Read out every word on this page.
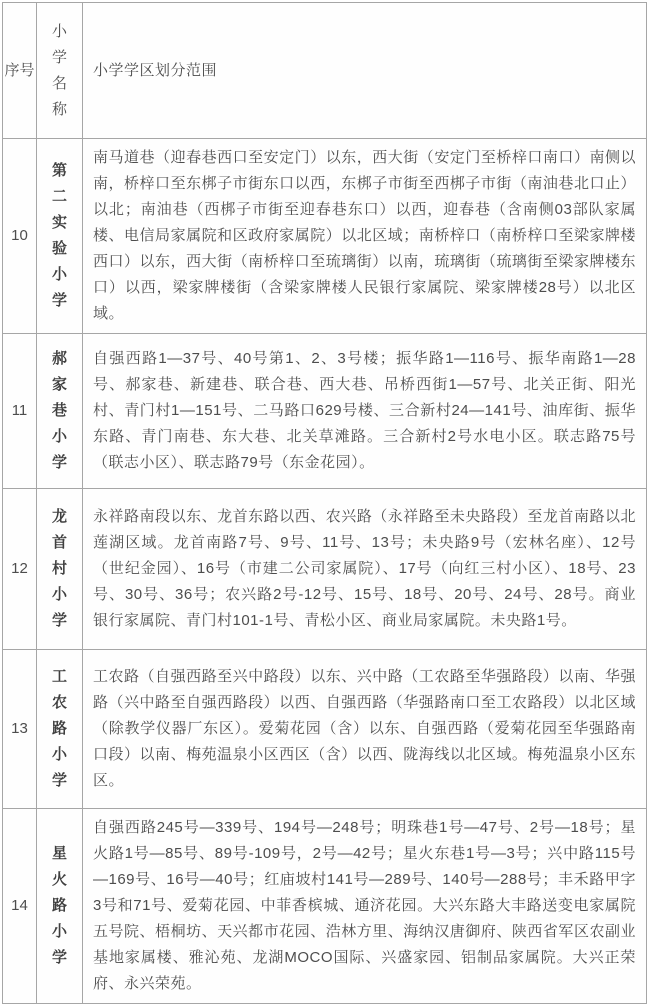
序号	小学名称	小学学区划分范围
10	第二实验小学	南马道巷（迎春巷西口至安定门）以东，西大街（安定门至桥梓口南口）南侧以南，桥梓口至东梆子市街东口以西，东梆子市街至西梆子市街（南油巷北口止）以北；南油巷（西梆子市街至迎春巷东口）以西，迎春巷（含南侧03部队家属楼、电信局家属院和区政府家属院）以北区域；南桥梓口（南桥梓口至梁家牌楼西口）以东，西大街（南桥梓口至琉璃街）以南，琉璃街（琉璃街至梁家牌楼东口）以西，梁家牌楼街（含梁家牌楼人民银行家属院、梁家牌楼28号）以北区域。
11	郝家巷小学	自强西路1—37号、40号第1、2、3号楼；振华路1—116号、振华南路1—28号、郝家巷、新建巷、联合巷、西大巷、吊桥西街1—57号、北关正街、阳光村、青门村1—151号、二马路口629号楼、三合新村24—141号、油库街、振华东路、青门南巷、东大巷、北关草滩路。三合新村2号水电小区。联志路75号（联志小区）、联志路79号（东金花园）。
12	龙首村小学	永祥路南段以东、龙首东路以西、农兴路（永祥路至未央路段）至龙首南路以北莲湖区域。龙首南路7号、9号、11号、13号；未央路9号（宏林名座）、12号（世纪金园）、16号（市建二公司家属院）、17号（向红三村小区）、18号、23号、30号、36号；农兴路2号-12号、15号、18号、20号、24号、28号。商业银行家属院、青门村101-1号、青松小区、商业局家属院。未央路1号。
13	工农路小学	工农路（自强西路至兴中路段）以东、兴中路（工农路至华强路段）以南、华强路（兴中路至自强西路段）以西、自强西路（华强路南口至工农路段）以北区域（除教学仪器厂东区）。爱菊花园（含）以东、自强西路（爱菊花园至华强路南口段）以南、梅苑温泉小区西区（含）以西、陇海线以北区域。梅苑温泉小区东区。
14	星火路小学	自强西路245号—339号、194号—248号；明珠巷1号—47号、2号—18号；星火路1号—85号、89号-109号，2号—42号；星火东巷1号—3号；兴中路115号—169号、16号—40号；红庙坡村141号—289号、140号—288号；丰禾路甲字3号和71号、爱菊花园、中菲香槟城、通济花园。大兴东路大丰路送变电家属院五号院、梧桐坊、天兴都市花园、浩林方里、海纳汉唐御府、陕西省军区农副业基地家属楼、雅沁苑、龙湖MOCO国际、兴盛家园、铝制品家属院。大兴正荣府、永兴荣苑。
